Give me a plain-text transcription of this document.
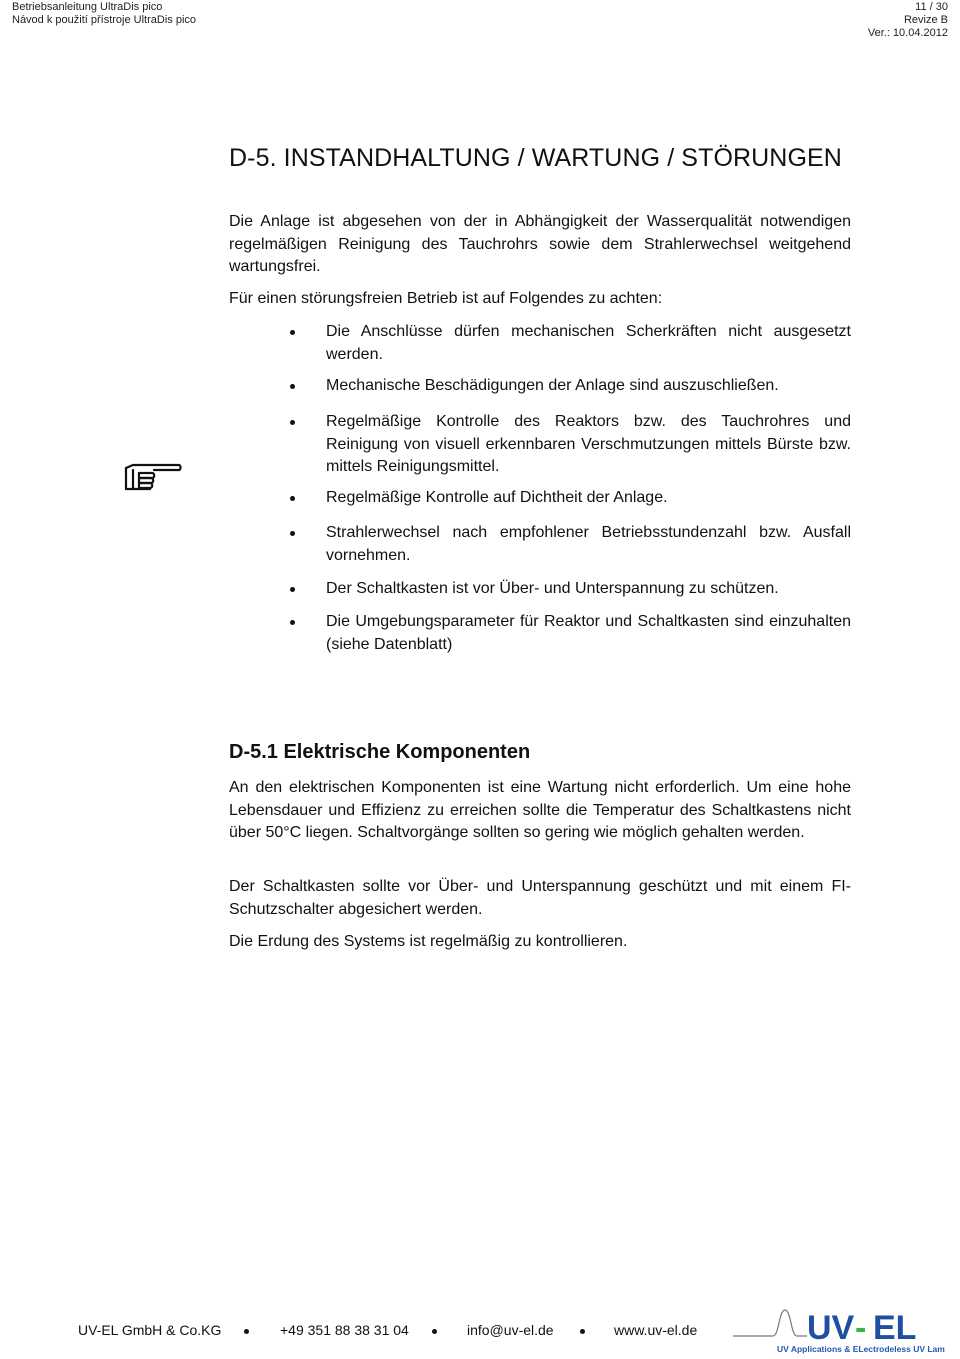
Betriebsanleitung UltraDis pico
Návod k použití přístroje UltraDis pico
11 / 30
Revize B
Ver.: 10.04.2012
D-5. INSTANDHALTUNG / WARTUNG / STÖRUNGEN

Die Anlage ist abgesehen von der in Abhängigkeit der Wasserqualität notwendigen regelmäßigen Reinigung des Tauchrohrs sowie dem Strahlerwechsel weitgehend wartungsfrei.

Für einen störungsfreien Betrieb ist auf Folgendes zu achten:

Die Anschlüsse dürfen mechanischen Scherkräften nicht ausgesetzt werden.

Mechanische Beschädigungen der Anlage sind auszuschließen.

Regelmäßige Kontrolle des Reaktors bzw. des Tauchrohres und Reinigung von visuell erkennbaren Verschmutzungen mittels Bürste bzw. mittels Reinigungsmittel.

Regelmäßige Kontrolle auf Dichtheit der Anlage.

Strahlerwechsel nach empfohlener Betriebsstundenzahl bzw. Ausfall vornehmen.

Der Schaltkasten ist vor Über- und Unterspannung zu schützen.

Die Umgebungsparameter für Reaktor und Schaltkasten sind einzuhalten (siehe Datenblatt)

D-5.1 Elektrische Komponenten

An den elektrischen Komponenten ist eine Wartung nicht erforderlich. Um eine hohe Lebensdauer und Effizienz zu erreichen sollte die Temperatur des Schaltkastens nicht über 50°C liegen. Schaltvorgänge sollten so gering wie möglich gehalten werden.

Der Schaltkasten sollte vor Über- und Unterspannung geschützt und mit einem FI-Schutzschalter abgesichert werden.

Die Erdung des Systems ist regelmäßig zu kontrollieren.

UV-EL GmbH & Co.KG	+49 351 88 38 31 04	info@uv-el.de	www.uv-el.de	UV - EL
UV Applications & ELectrodeless UV Lamps
